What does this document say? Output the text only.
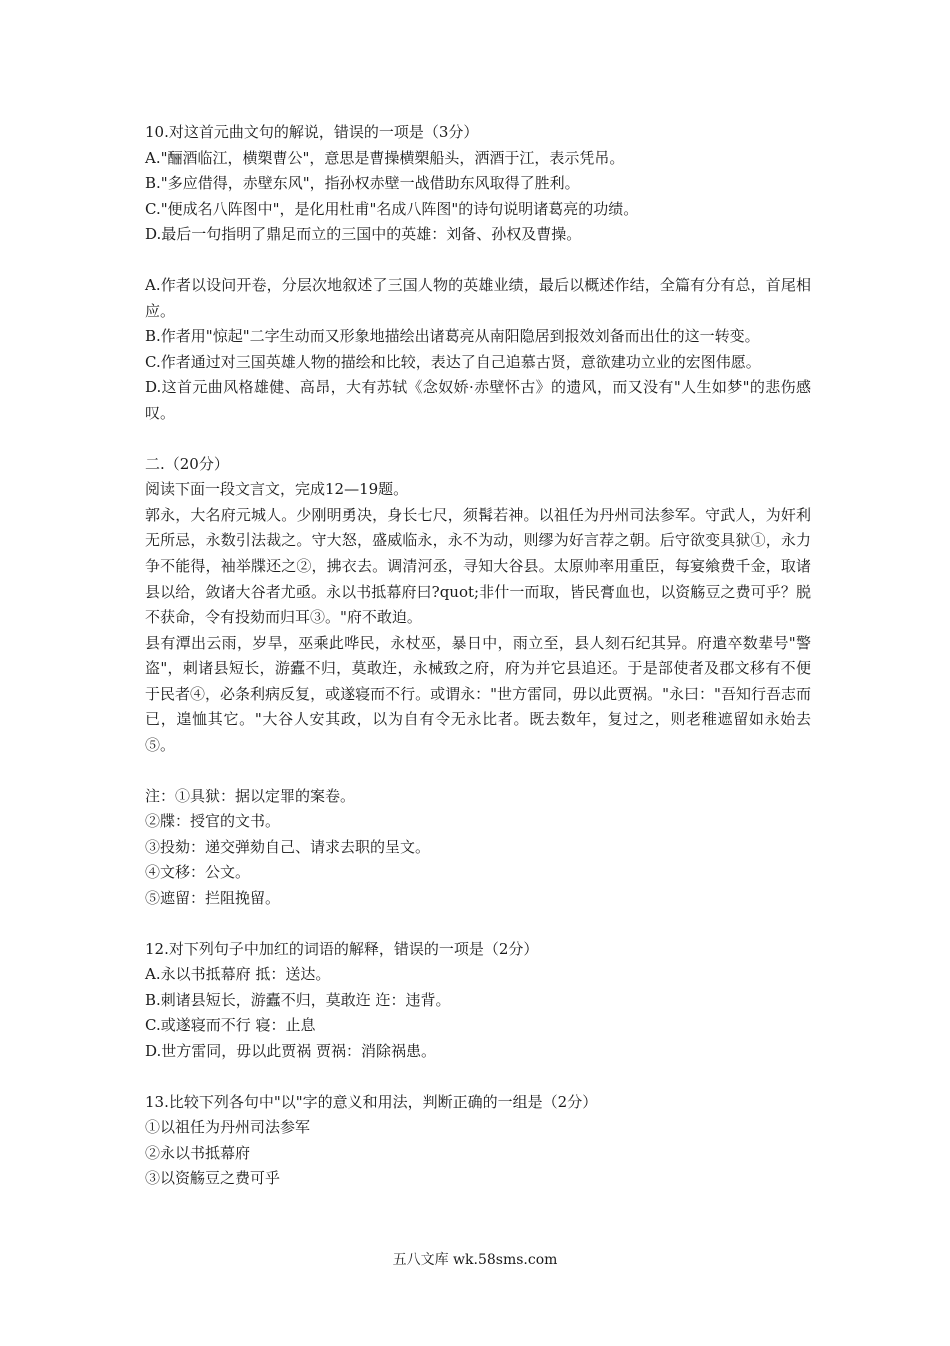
10.对这首元曲文句的解说，错误的一项是（3分）
A."酾酒临江，横槊曹公"，意思是曹操横槊船头，洒酒于江，表示凭吊。
B."多应借得，赤壁东风"，指孙权赤壁一战借助东风取得了胜利。
C."便成名八阵图中"，是化用杜甫"名成八阵图"的诗句说明诸葛亮的功绩。
D.最后一句指明了鼎足而立的三国中的英雄：刘备、孙权及曹操。
A.作者以设问开卷，分层次地叙述了三国人物的英雄业绩，最后以概述作结，全篇有分有总，首尾相应。
B.作者用"惊起"二字生动而又形象地描绘出诸葛亮从南阳隐居到报效刘备而出仕的这一转变。
C.作者通过对三国英雄人物的描绘和比较，表达了自己追慕古贤，意欲建功立业的宏图伟愿。
D.这首元曲风格雄健、高昂，大有苏轼《念奴娇·赤壁怀古》的遗风，而又没有"人生如梦"的悲伤感叹。
二.（20分）
阅读下面一段文言文，完成12—19题。
郭永，大名府元城人。少刚明勇决，身长七尺，须髯若神。以祖任为丹州司法参军。守武人，为奸利无所忌，永数引法裁之。守大怒，盛威临永，永不为动，则缪为好言荐之朝。后守欲变具狱①，永力争不能得，袖举牒还之②，拂衣去。调清河丞，寻知大谷县。太原帅率用重臣，每宴飨费千金，取诸县以给，敛诸大谷者尤亟。永以书抵幕府曰?quot;非什一而取，皆民膏血也，以资觞豆之费可乎？脱不获命，令有投劾而归耳③。"府不敢迫。
县有潭出云雨，岁旱，巫乘此哗民，永杖巫，暴日中，雨立至，县人刻石纪其异。府遣卒数辈号"警盗"，刺诸县短长，游蠹不归，莫敢迕，永械致之府，府为并它县追还。于是部使者及郡文移有不便于民者④，必条利病反复，或遂寝而不行。或谓永："世方雷同，毋以此贾祸。"永曰："吾知行吾志而已，遑恤其它。"大谷人安其政，以为自有令无永比者。既去数年，复过之，则老稚遮留如永始去⑤。
注：①具狱：据以定罪的案卷。
②牒：授官的文书。
③投劾：递交弹劾自己、请求去职的呈文。
④文移：公文。
⑤遮留：拦阻挽留。
12.对下列句子中加红的词语的解释，错误的一项是（2分）
A.永以书抵幕府 抵：送达。
B.刺诸县短长，游蠹不归，莫敢迕 迕：违背。
C.或遂寝而不行 寝：止息
D.世方雷同，毋以此贾祸 贾祸：消除祸患。
13.比较下列各句中"以"字的意义和用法，判断正确的一组是（2分）
①以祖任为丹州司法参军
②永以书抵幕府
③以资觞豆之费可乎
五八文库 wk.58sms.com
